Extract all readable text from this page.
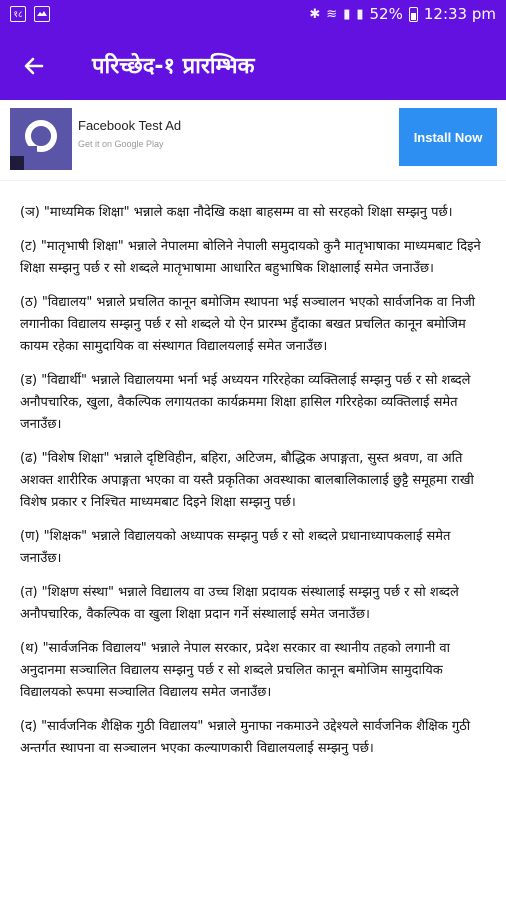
१८	✱ ≋ ▮ ▮ 52% 12:33 pm
परिच्छेद-१ प्रारम्भिक
Facebook Test Ad
Get it on Google Play	Install Now

(ञ) "माध्यमिक शिक्षा" भन्नाले कक्षा नौदेखि कक्षा बाहसम्म वा सो सरहको शिक्षा सम्झनु पर्छ।

(ट) "मातृभाषी शिक्षा" भन्नाले नेपालमा बोलिने नेपाली समुदायको कुनै मातृभाषाका माध्यमबाट दिइने शिक्षा सम्झनु पर्छ र सो शब्दले मातृभाषामा आधारित बहुभाषिक शिक्षालाई समेत जनाउँछ।

(ठ) "विद्यालय" भन्नाले प्रचलित कानून बमोजिम स्थापना भई सञ्चालन भएको सार्वजनिक वा निजी लगानीका विद्यालय सम्झनु पर्छ र सो शब्दले यो ऐन प्रारम्भ हुँदाका बखत प्रचलित कानून बमोजिम कायम रहेका सामुदायिक वा संस्थागत विद्यालयलाई समेत जनाउँछ।

(ड) "विद्यार्थी" भन्नाले विद्यालयमा भर्ना भई अध्ययन गरिरहेका व्यक्तिलाई सम्झनु पर्छ र सो शब्दले अनौपचारिक, खुला, वैकल्पिक लगायतका कार्यक्रममा शिक्षा हासिल गरिरहेका व्यक्तिलाई समेत जनाउँछ।

(ढ) "विशेष शिक्षा" भन्नाले दृष्टिविहीन, बहिरा, अटिजम, बौद्धिक अपाङ्गता, सुस्त श्रवण, वा अति अशक्त शारीरिक अपाङ्गता भएका वा यस्तै प्रकृतिका अवस्थाका बालबालिकालाई छुट्टै समूहमा राखी विशेष प्रकार र निश्चित माध्यमबाट दिइने शिक्षा सम्झनु पर्छ।

(ण) "शिक्षक" भन्नाले विद्यालयको अध्यापक सम्झनु पर्छ र सो शब्दले प्रधानाध्यापकलाई समेत जनाउँछ।

(त) "शिक्षण संस्था" भन्नाले विद्यालय वा उच्च शिक्षा प्रदायक संस्थालाई सम्झनु पर्छ र सो शब्दले अनौपचारिक, वैकल्पिक वा खुला शिक्षा प्रदान गर्ने संस्थालाई समेत जनाउँछ।

(थ) "सार्वजनिक विद्यालय" भन्नाले नेपाल सरकार, प्रदेश सरकार वा स्थानीय तहको लगानी वा अनुदानमा सञ्चालित विद्यालय सम्झनु पर्छ र सो शब्दले प्रचलित कानून बमोजिम सामुदायिक विद्यालयको रूपमा सञ्चालित विद्यालय समेत जनाउँछ।

(द) "सार्वजनिक शैक्षिक गुठी विद्यालय" भन्नाले मुनाफा नकमाउने उद्देश्यले सार्वजनिक शैक्षिक गुठी अन्तर्गत स्थापना वा सञ्चालन भएका कल्याणकारी विद्यालयलाई सम्झनु पर्छ।
